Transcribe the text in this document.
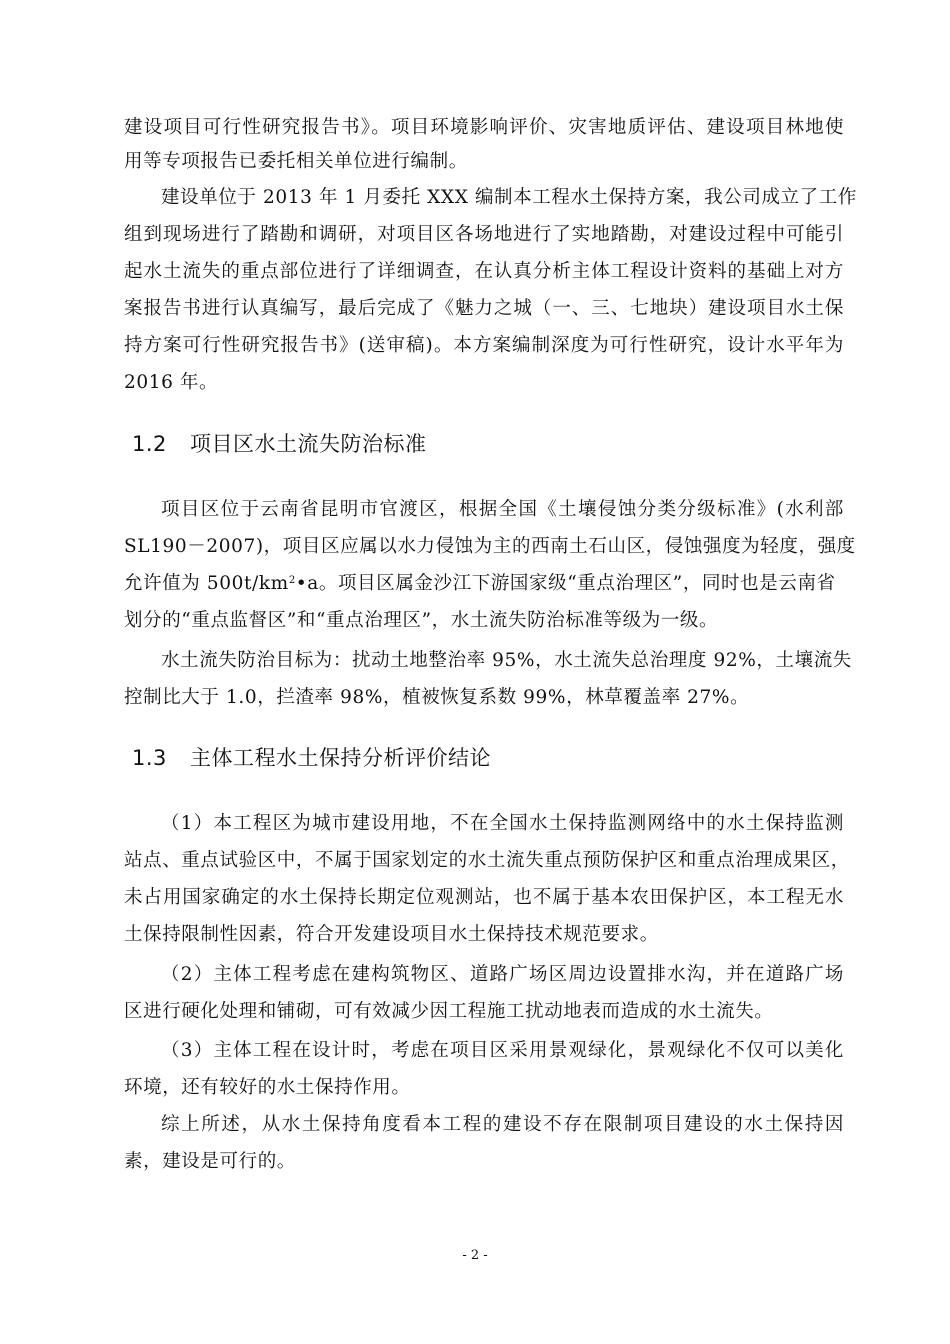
建设项目可行性研究报告书》。项目环境影响评价、灾害地质评估、建设项目林地使
用等专项报告已委托相关单位进行编制。
建设单位于 2013 年 1 月委托 XXX 编制本工程水土保持方案，我公司成立了工作
组到现场进行了踏勘和调研，对项目区各场地进行了实地踏勘，对建设过程中可能引
起水土流失的重点部位进行了详细调查，在认真分析主体工程设计资料的基础上对方
案报告书进行认真编写，最后完成了《魅力之城（一、三、七地块）建设项目水土保
持方案可行性研究报告书》(送审稿)。本方案编制深度为可行性研究，设计水平年为
2016 年。
1.2 项目区水土流失防治标准
项目区位于云南省昆明市官渡区，根据全国《土壤侵蚀分类分级标准》(水利部
SL190－2007)，项目区应属以水力侵蚀为主的西南土石山区，侵蚀强度为轻度，强度
允许值为 $500t/km^2•a$。项目区属金沙江下游国家级“重点治理区”，同时也是云南省
划分的“重点监督区”和“重点治理区”，水土流失防治标准等级为一级。
水土流失防治目标为：扰动土地整治率 95%，水土流失总治理度 92%，土壤流失
控制比大于 1.0，拦渣率 98%，植被恢复系数 99%，林草覆盖率 27%。
1.3 主体工程水土保持分析评价结论
（1）本工程区为城市建设用地，不在全国水土保持监测网络中的水土保持监测
站点、重点试验区中，不属于国家划定的水土流失重点预防保护区和重点治理成果区，
未占用国家确定的水土保持长期定位观测站，也不属于基本农田保护区，本工程无水
土保持限制性因素，符合开发建设项目水土保持技术规范要求。
（2）主体工程考虑在建构筑物区、道路广场区周边设置排水沟，并在道路广场
区进行硬化处理和铺砌，可有效减少因工程施工扰动地表而造成的水土流失。
（3）主体工程在设计时，考虑在项目区采用景观绿化，景观绿化不仅可以美化
环境，还有较好的水土保持作用。
综上所述，从水土保持角度看本工程的建设不存在限制项目建设的水土保持因
素，建设是可行的。
- 2 -
